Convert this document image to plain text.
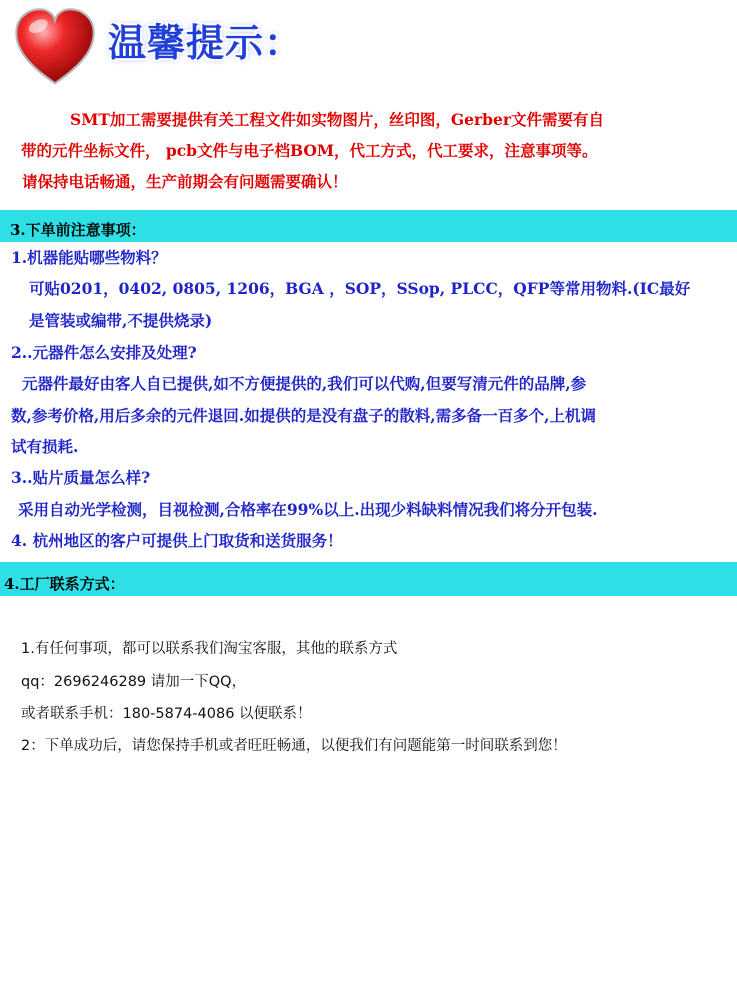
温馨提示：
SMT加工需要提供有关工程文件如实物图片，丝印图，Gerber文件需要有自
带的元件坐标文件， pcb文件与电子档BOM，代工方式，代工要求，注意事项等。
请保持电话畅通，生产前期会有问题需要确认！
3.下单前注意事项：
1.机器能贴哪些物料？
可贴0201，0402, 0805, 1206，BGA ，SOP，SSop, PLCC，QFP等常用物料.(IC最好
是管装或编带,不提供烧录)
2..元器件怎么安排及处理?
元器件最好由客人自已提供,如不方便提供的,我们可以代购,但要写清元件的品牌,参
数,参考价格,用后多余的元件退回.如提供的是没有盘子的散料,需多备一百多个,上机调
试有损耗.
3..贴片质量怎么样?
采用自动光学检测，目视检测,合格率在99%以上.出现少料缺料情况我们将分开包装.
4. 杭州地区的客户可提供上门取货和送货服务！
4.工厂联系方式：
1.有任何事项，都可以联系我们淘宝客服，其他的联系方式
qq：2696246289 请加一下QQ，
或者联系手机：180-5874-4086 以便联系！
2：下单成功后，请您保持手机或者旺旺畅通，以便我们有问题能第一时间联系到您！
